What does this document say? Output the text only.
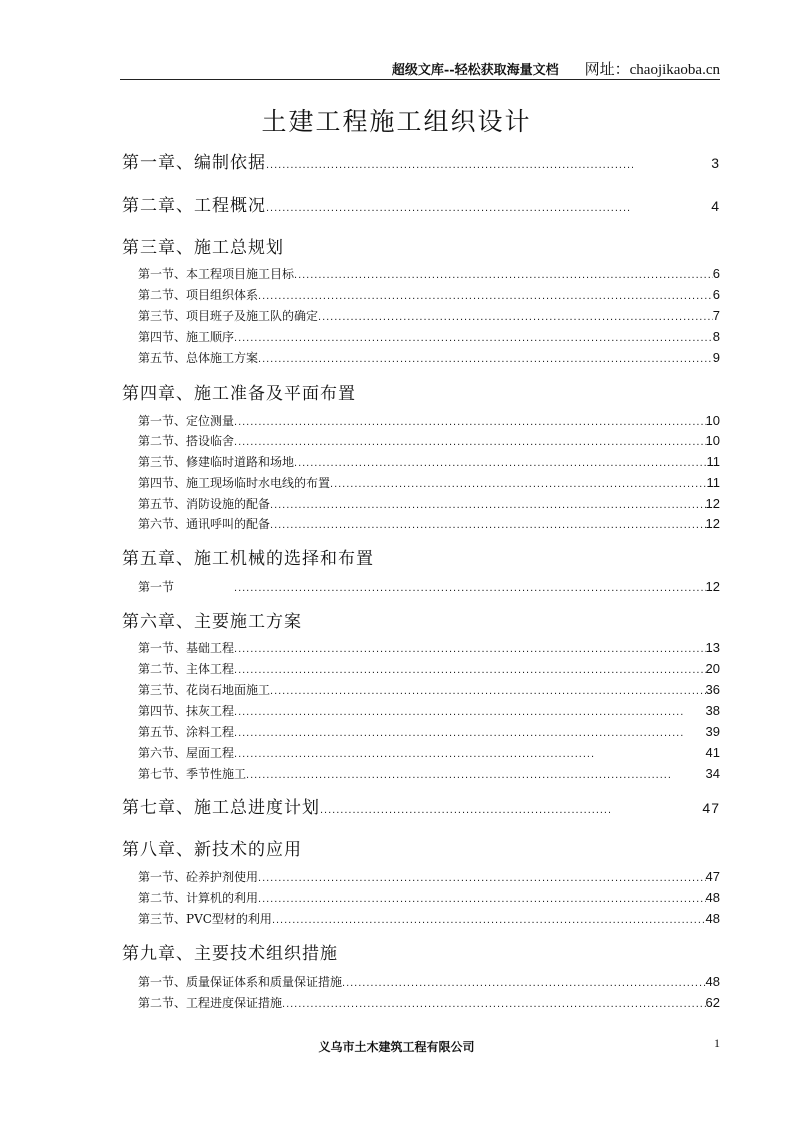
超级文库--轻松获取海量文档 网址：chaojikaoba.cn
土建工程施工组织设计
第一章、编制依据 .....	3
第二章、工程概况 .....	4
第三章、施工总规划
第一节、本工程项目施工目标 .....	6
第二节、项目组织体系 .....	6
第三节、项目班子及施工队的确定 .....	7
第四节、施工顺序 .....	8
第五节、总体施工方案 .....	9
第四章、施工准备及平面布置
第一节、定位测量 .....	10
第二节、搭设临舍 .....	10
第三节、修建临时道路和场地 .....	11
第四节、施工现场临时水电线的布置 .....	11
第五节、消防设施的配备 .....	12
第六节、通讯呼叫的配备 .....	12
第五章、施工机械的选择和布置
第一节 .....	12
第六章、主要施工方案
第一节、基础工程 .....	13
第二节、主体工程 .....	20
第三节、花岗石地面施工 .....	36
第四节、抹灰工程 .....	38
第五节、涂料工程 .....	39
第六节、屋面工程 .....	41
第七节、季节性施工 .....	34
第七章、施工总进度计划 .....	47
第八章、新技术的应用
第一节、砼养护剂使用 .....	47
第二节、计算机的利用 .....	48
第三节、PVC型材的利用 .....	48
第九章、主要技术组织措施
第一节、质量保证体系和质量保证措施 .....	48
第二节、工程进度保证措施 .....	62
义乌市土木建筑工程有限公司	1
